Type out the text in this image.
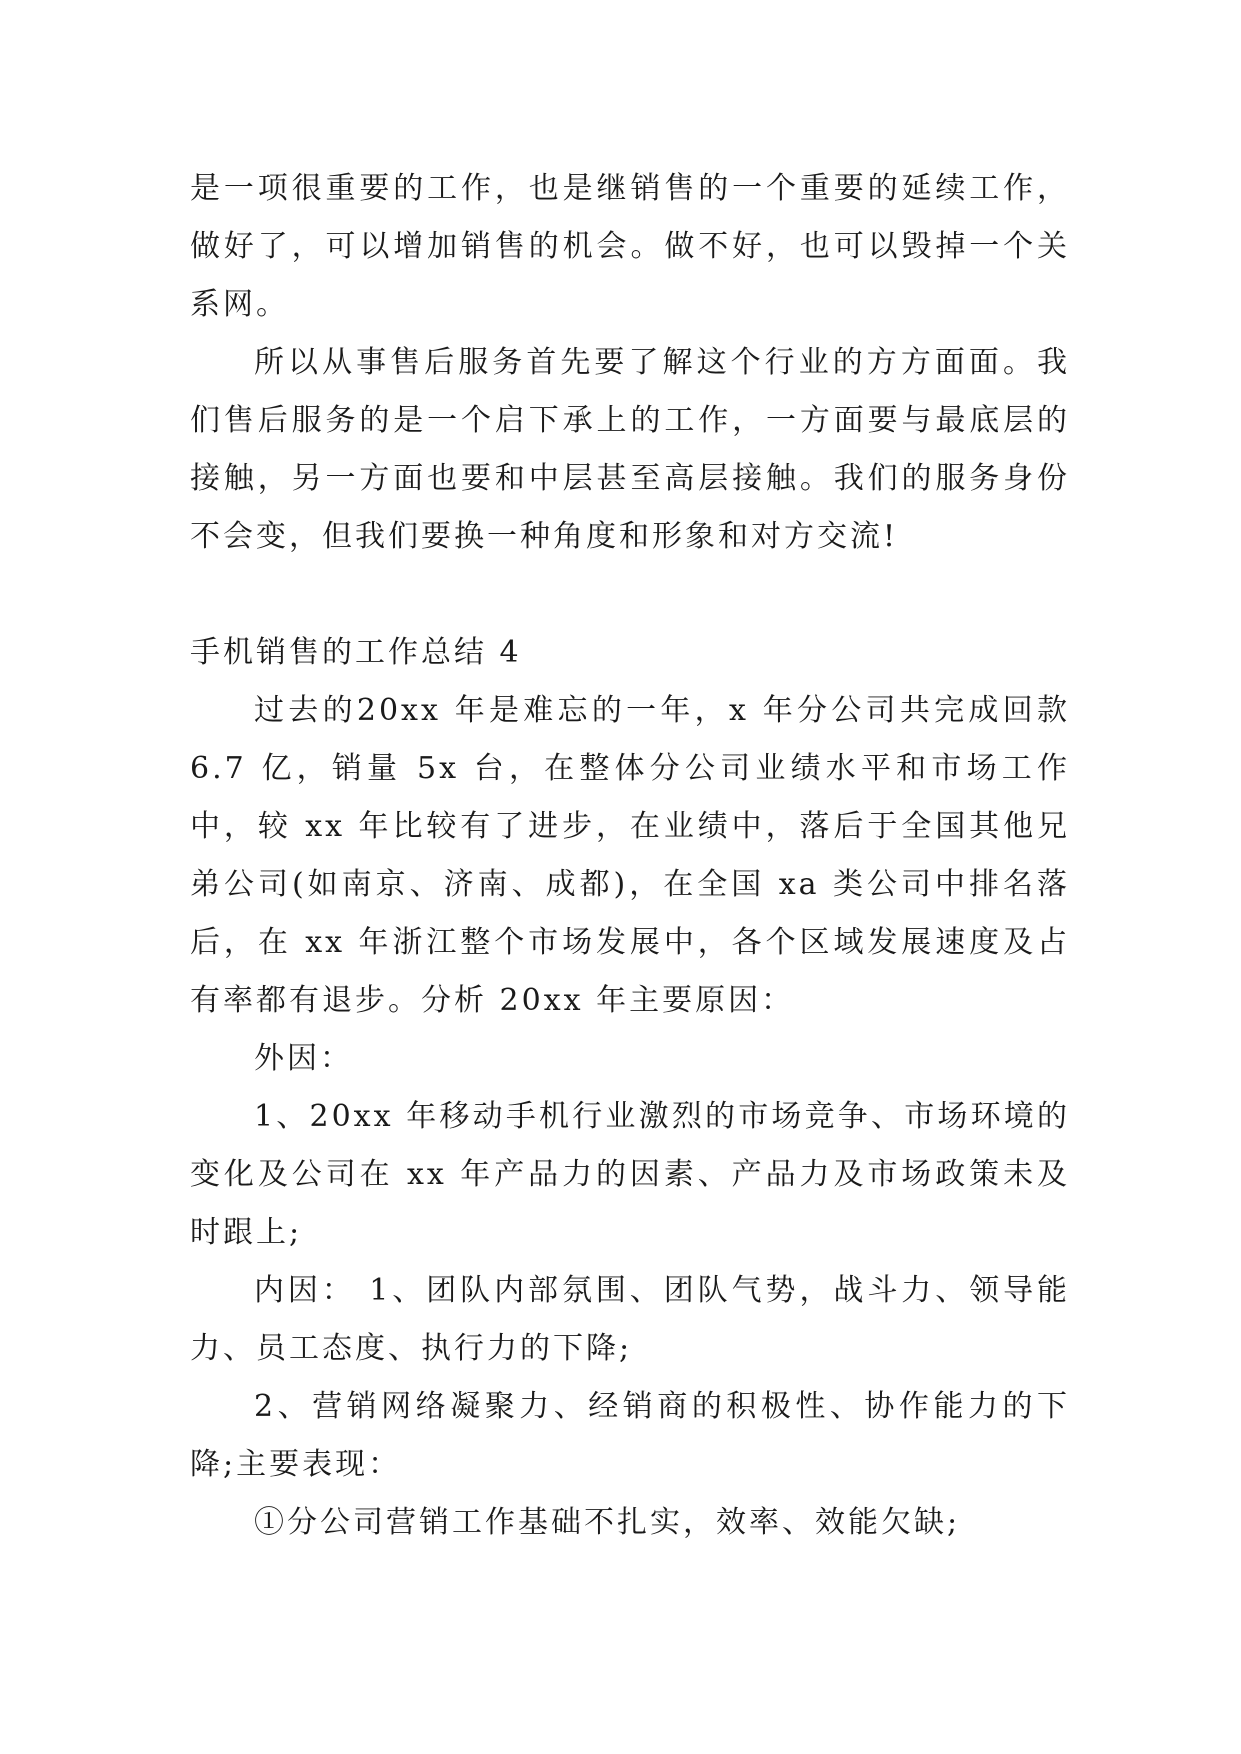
是一项很重要的工作，也是继销售的一个重要的延续工作，做好了，可以增加销售的机会。做不好，也可以毁掉一个关系网。

所以从事售后服务首先要了解这个行业的方方面面。我们售后服务的是一个启下承上的工作，一方面要与最底层的接触，另一方面也要和中层甚至高层接触。我们的服务身份不会变，但我们要换一种角度和形象和对方交流!

手机销售的工作总结 4

过去的20xx 年是难忘的一年，x 年分公司共完成回款6.7 亿，销量 5x 台，在整体分公司业绩水平和市场工作中，较 xx 年比较有了进步，在业绩中，落后于全国其他兄弟公司(如南京、济南、成都)，在全国 xa 类公司中排名落后，在 xx 年浙江整个市场发展中，各个区域发展速度及占有率都有退步。分析 20xx 年主要原因：

外因：

1、20xx 年移动手机行业激烈的市场竞争、市场环境的变化及公司在 xx 年产品力的因素、产品力及市场政策未及时跟上;

内因： 1、团队内部氛围、团队气势，战斗力、领导能力、员工态度、执行力的下降;

2、营销网络凝聚力、经销商的积极性、协作能力的下降;主要表现：

①分公司营销工作基础不扎实，效率、效能欠缺;
